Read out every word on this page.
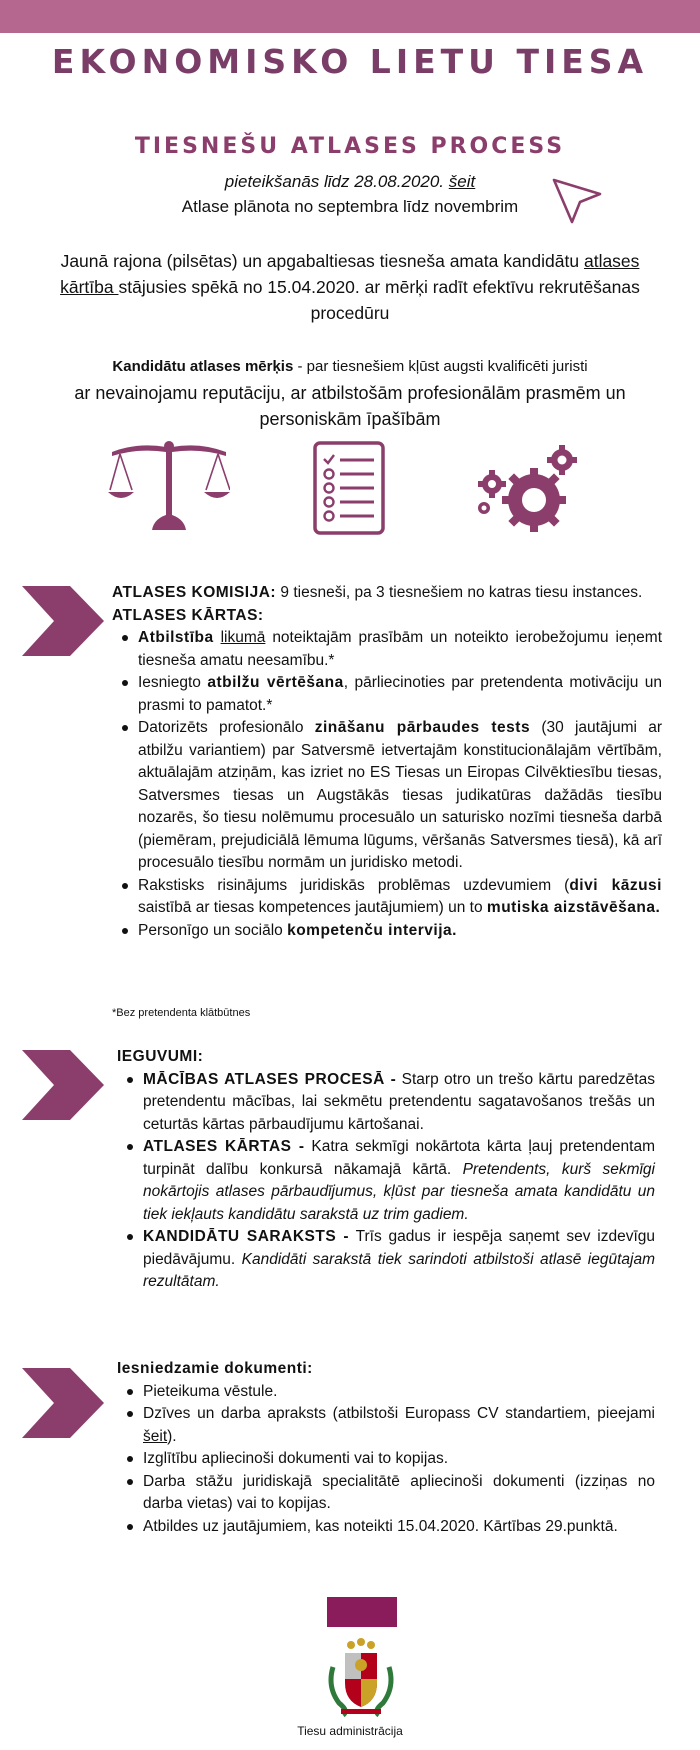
EKONOMISKO LIETU TIESA
TIESNEŠU ATLASES PROCESS
pieteikšanās līdz 28.08.2020. šeit
Atlase plānota no septembra līdz novembrim
Jaunā rajona (pilsētas) un apgabaltiesas tiesneša amata kandidātu atlases kārtība stājusies spēkā no 15.04.2020. ar mērķi radīt efektīvu rekrutēšanas procedūru
Kandidātu atlases mērķis - par tiesnešiem kļūst augsti kvalificēti juristi
ar nevainojamu reputāciju, ar atbilstošām profesionālām prasmēm un personiskām īpašībām
ATLASES KOMISIJA: 9 tiesneši, pa 3 tiesnešiem no katras tiesu instances.
ATLASES KĀRTAS:
Atbilstība likumā noteiktajām prasībām un noteikto ierobežojumu ieņemt tiesneša amatu neesamību.*
Iesniegto atbilžu vērtēšana, pārliecinoties par pretendenta motivāciju un prasmi to pamatot.*
Datorizēts profesionālo zināšanu pārbaudes tests (30 jautājumi ar atbilžu variantiem) par Satversmē ietvertajām konstitucionālajām vērtībām, aktuālajām atziņām, kas izriet no ES Tiesas un Eiropas Cilvēktiesību tiesas, Satversmes tiesas un Augstākās tiesas judikatūras dažādās tiesību nozarēs, šo tiesu nolēmumu procesuālo un saturisko nozīmi tiesneša darbā (piemēram, prejudiciālā lēmuma lūgums, vēršanās Satversmes tiesā), kā arī procesuālo tiesību normām un juridisko metodi.
Rakstisks risinājums juridiskās problēmas uzdevumiem (divi kāzusi saistībā ar tiesas kompetences jautājumiem) un to mutiska aizstāvēšana.
Personīgo un sociālo kompetenču intervija.
*Bez pretendenta klātbūtnes
IEGUVUMI:
MĀCĪBAS ATLASES PROCESĀ - Starp otro un trešo kārtu paredzētas pretendentu mācības, lai sekmētu pretendentu sagatavošanos trešās un ceturtās kārtas pārbaudījumu kārtošanai.
ATLASES KĀRTAS - Katra sekmīgi nokārtota kārta ļauj pretendentam turpināt dalību konkursā nākamajā kārtā. Pretendents, kurš sekmīgi nokārtojis atlases pārbaudījumus, kļūst par tiesneša amata kandidātu un tiek iekļauts kandidātu sarakstā uz trim gadiem.
KANDIDĀTU SARAKSTS - Trīs gadus ir iespēja saņemt sev izdevīgu piedāvājumu. Kandidāti sarakstā tiek sarindoti atbilstoši atlasē iegūtajam rezultātam.
Iesniedzamie dokumenti:
Pieteikuma vēstule.
Dzīves un darba apraksts (atbilstoši Europass CV standartiem, pieejami šeit).
Izglītību apliecinoši dokumenti vai to kopijas.
Darba stāžu juridiskajā specialitātē apliecinoši dokumenti (izziņas no darba vietas) vai to kopijas.
Atbildes uz jautājumiem, kas noteikti 15.04.2020. Kārtības 29.punktā.
Tiesu administrācija
